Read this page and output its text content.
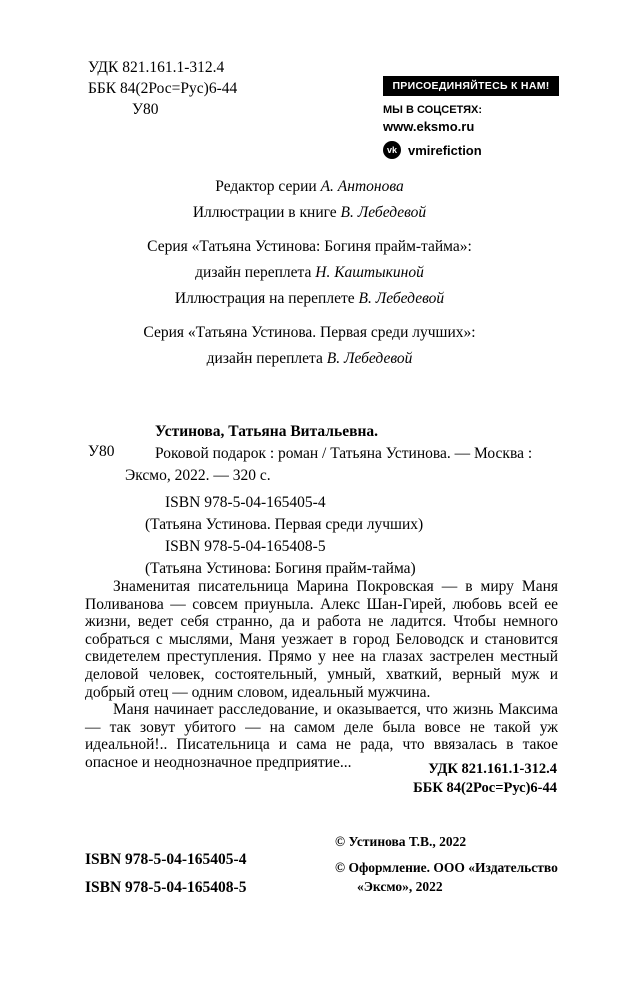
УДК 821.161.1-312.4
ББК 84(2Рос=Рус)6-44
У80
ПРИСОЕДИНЯЙТЕСЬ К НАМ!
МЫ В СОЦСЕТЯХ:
www.eksmo.ru
vk vmirefiction

Редактор серии А. Антонова

Иллюстрации в книге В. Лебедевой

Серия «Татьяна Устинова: Богиня прайм-тайма»:

дизайн переплета Н. Каштыкиной

Иллюстрация на переплете В. Лебедевой

Серия «Татьяна Устинова. Первая среди лучших»:

дизайн переплета В. Лебедевой

У80

Устинова, Татьяна Витальевна.

Роковой подарок : роман / Татьяна Устинова. — Москва : Эксмо, 2022. — 320 с.

ISBN 978-5-04-165405-4

(Татьяна Устинова. Первая среди лучших)

ISBN 978-5-04-165408-5

(Татьяна Устинова: Богиня прайм-тайма)

Знаменитая писательница Марина Покровская — в миру Маня Поливанова — совсем приуныла. Алекс Шан-Гирей, любовь всей ее жизни, ведет себя странно, да и работа не ладится. Чтобы немного собраться с мыслями, Маня уезжает в город Беловодск и становится свидетелем преступления. Прямо у нее на глазах застрелен местный деловой человек, состоятельный, умный, хваткий, верный муж и добрый отец — одним словом, идеальный мужчина.

Маня начинает расследование, и оказывается, что жизнь Максима — так зовут убитого — на самом деле была вовсе не такой уж идеальной!.. Писательница и сама не рада, что ввязалась в такое опасное и неоднозначное предприятие...	УДК 821.161.1-312.4
ББК 84(2Рос=Рус)6-44
ISBN 978-5-04-165405-4
ISBN 978-5-04-165408-5

© Устинова Т.В., 2022

© Оформление. ООО «Издательство

«Эксмо», 2022
